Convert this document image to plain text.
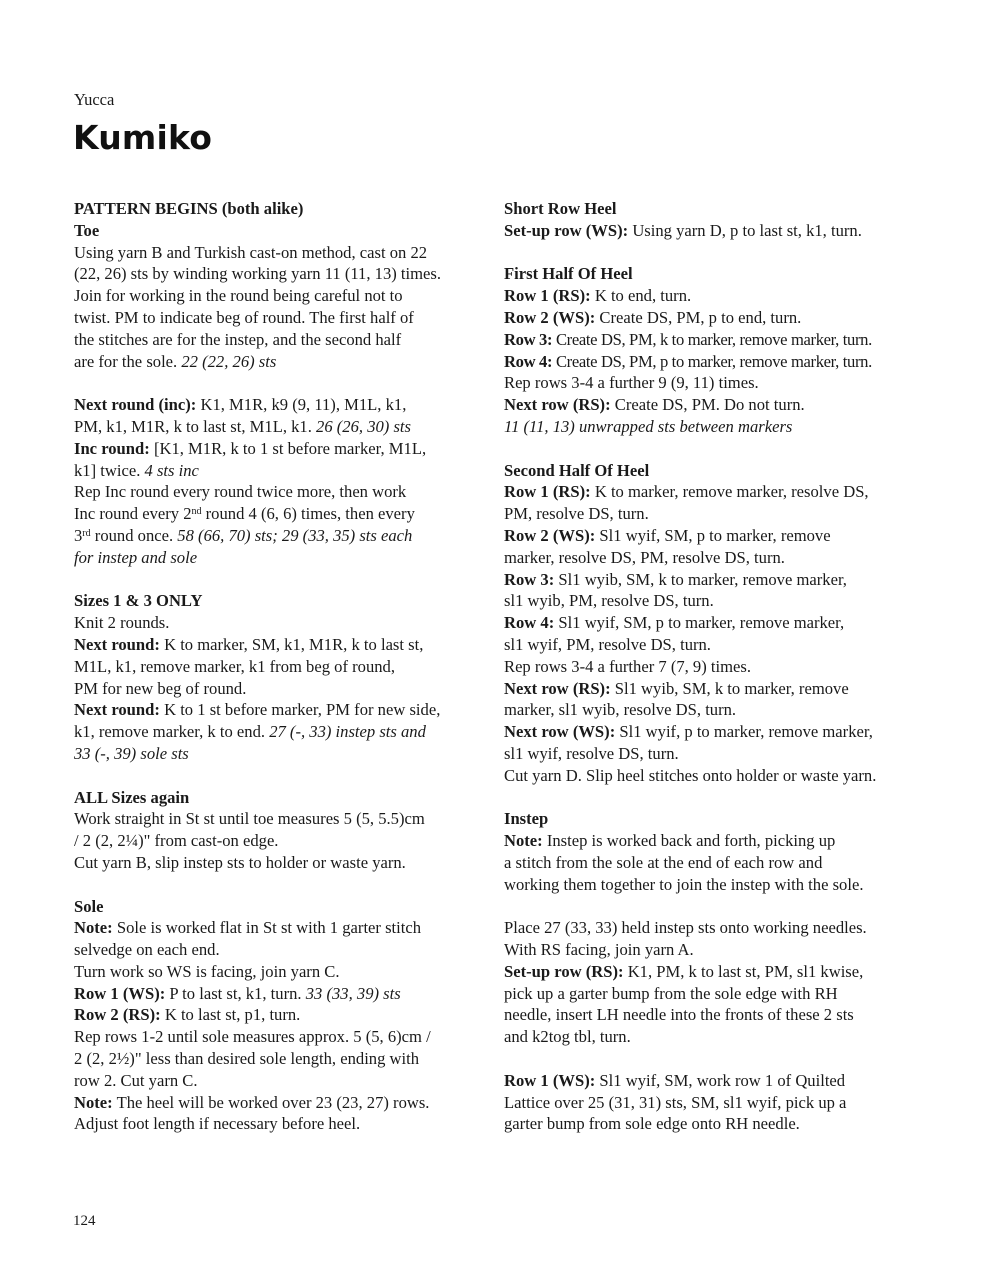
Yucca
Kumiko
PATTERN BEGINS (both alike)
Toe
Using yarn B and Turkish cast-on method, cast on 22
(22, 26) sts by winding working yarn 11 (11, 13) times.
Join for working in the round being careful not to
twist. PM to indicate beg of round. The first half of
the stitches are for the instep, and the second half
are for the sole. 22 (22, 26) sts
Next round (inc): K1, M1R, k9 (9, 11), M1L, k1,
PM, k1, M1R, k to last st, M1L, k1. 26 (26, 30) sts
Inc round: [K1, M1R, k to 1 st before marker, M1L,
k1] twice. 4 sts inc
Rep Inc round every round twice more, then work
Inc round every 2nd round 4 (6, 6) times, then every
3rd round once. 58 (66, 70) sts; 29 (33, 35) sts each
for instep and sole
Sizes 1 & 3 ONLY
Knit 2 rounds.
Next round: K to marker, SM, k1, M1R, k to last st,
M1L, k1, remove marker, k1 from beg of round,
PM for new beg of round.
Next round: K to 1 st before marker, PM for new side,
k1, remove marker, k to end. 27 (-, 33) instep sts and
33 (-, 39) sole sts
ALL Sizes again
Work straight in St st until toe measures 5 (5, 5.5)cm
/ 2 (2, 2¼)" from cast-on edge.
Cut yarn B, slip instep sts to holder or waste yarn.
Sole
Note: Sole is worked flat in St st with 1 garter stitch
selvedge on each end.
Turn work so WS is facing, join yarn C.
Row 1 (WS): P to last st, k1, turn. 33 (33, 39) sts
Row 2 (RS): K to last st, p1, turn.
Rep rows 1-2 until sole measures approx. 5 (5, 6)cm /
2 (2, 2½)" less than desired sole length, ending with
row 2. Cut yarn C.
Note: The heel will be worked over 23 (23, 27) rows.
Adjust foot length if necessary before heel.
Short Row Heel
Set-up row (WS): Using yarn D, p to last st, k1, turn.
First Half Of Heel
Row 1 (RS): K to end, turn.
Row 2 (WS): Create DS, PM, p to end, turn.
Row 3: Create DS, PM, k to marker, remove marker, turn.
Row 4: Create DS, PM, p to marker, remove marker, turn.
Rep rows 3-4 a further 9 (9, 11) times.
Next row (RS): Create DS, PM. Do not turn.
11 (11, 13) unwrapped sts between markers
Second Half Of Heel
Row 1 (RS): K to marker, remove marker, resolve DS,
PM, resolve DS, turn.
Row 2 (WS): Sl1 wyif, SM, p to marker, remove
marker, resolve DS, PM, resolve DS, turn.
Row 3: Sl1 wyib, SM, k to marker, remove marker,
sl1 wyib, PM, resolve DS, turn.
Row 4: Sl1 wyif, SM, p to marker, remove marker,
sl1 wyif, PM, resolve DS, turn.
Rep rows 3-4 a further 7 (7, 9) times.
Next row (RS): Sl1 wyib, SM, k to marker, remove
marker, sl1 wyib, resolve DS, turn.
Next row (WS): Sl1 wyif, p to marker, remove marker,
sl1 wyif, resolve DS, turn.
Cut yarn D. Slip heel stitches onto holder or waste yarn.
Instep
Note: Instep is worked back and forth, picking up
a stitch from the sole at the end of each row and
working them together to join the instep with the sole.
Place 27 (33, 33) held instep sts onto working needles.
With RS facing, join yarn A.
Set-up row (RS): K1, PM, k to last st, PM, sl1 kwise,
pick up a garter bump from the sole edge with RH
needle, insert LH needle into the fronts of these 2 sts
and k2tog tbl, turn.
Row 1 (WS): Sl1 wyif, SM, work row 1 of Quilted
Lattice over 25 (31, 31) sts, SM, sl1 wyif, pick up a
garter bump from sole edge onto RH needle.
124
